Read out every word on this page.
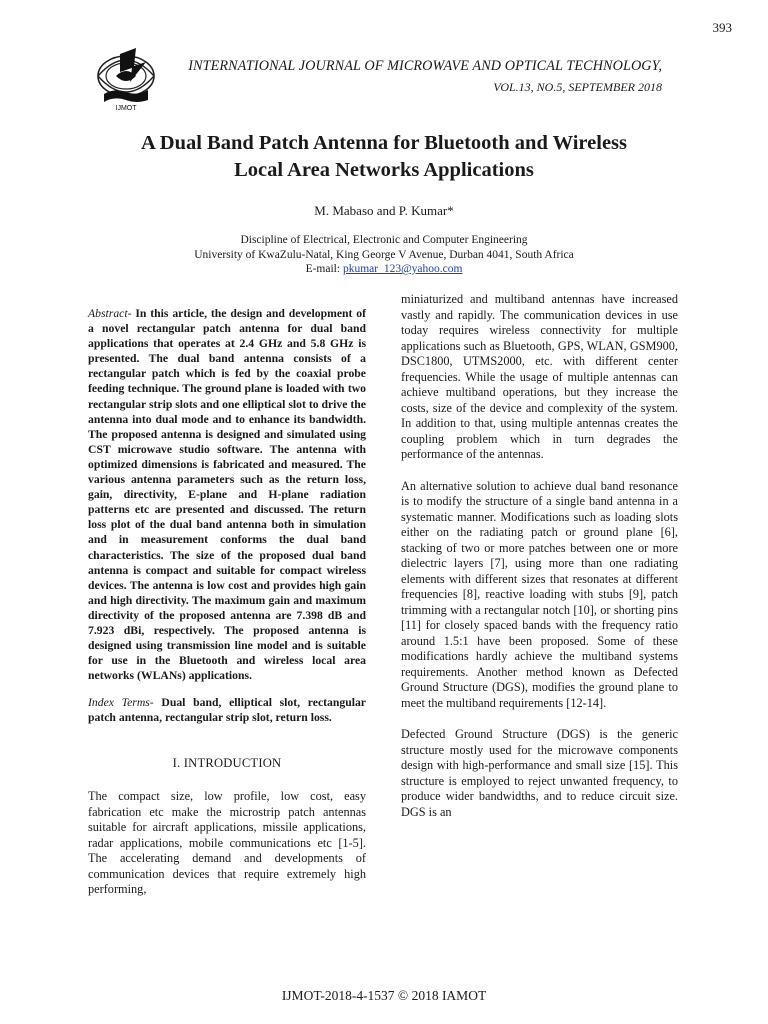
393
IJMOT
INTERNATIONAL JOURNAL OF MICROWAVE AND OPTICAL TECHNOLOGY,
VOL.13, NO.5, SEPTEMBER 2018
A Dual Band Patch Antenna for Bluetooth and Wireless
Local Area Networks Applications
M. Mabaso and P. Kumar*
Discipline of Electrical, Electronic and Computer Engineering
University of KwaZulu-Natal, King George V Avenue, Durban 4041, South Africa
E-mail: pkumar_123@yahoo.com

Abstract- In this article, the design and development of a novel rectangular patch antenna for dual band applications that operates at 2.4 GHz and 5.8 GHz is presented. The dual band antenna consists of a rectangular patch which is fed by the coaxial probe feeding technique. The ground plane is loaded with two rectangular strip slots and one elliptical slot to drive the antenna into dual mode and to enhance its bandwidth. The proposed antenna is designed and simulated using CST microwave studio software. The antenna with optimized dimensions is fabricated and measured. The various antenna parameters such as the return loss, gain, directivity, E-plane and H-plane radiation patterns etc are presented and discussed. The return loss plot of the dual band antenna both in simulation and in measurement conforms the dual band characteristics. The size of the proposed dual band antenna is compact and suitable for compact wireless devices. The antenna is low cost and provides high gain and high directivity. The maximum gain and maximum directivity of the proposed antenna are 7.398 dB and 7.923 dBi, respectively. The proposed antenna is designed using transmission line model and is suitable for use in the Bluetooth and wireless local area networks (WLANs) applications.

Index Terms- Dual band, elliptical slot, rectangular patch antenna, rectangular strip slot, return loss.

I. INTRODUCTION

The compact size, low profile, low cost, easy fabrication etc make the microstrip patch antennas suitable for aircraft applications, missile applications, radar applications, mobile communications etc [1-5]. The accelerating demand and developments of communication devices that require extremely high performing,

miniaturized and multiband antennas have increased vastly and rapidly. The communication devices in use today requires wireless connectivity for multiple applications such as Bluetooth, GPS, WLAN, GSM900, DSC1800, UTMS2000, etc. with different center frequencies. While the usage of multiple antennas can achieve multiband operations, but they increase the costs, size of the device and complexity of the system. In addition to that, using multiple antennas creates the coupling problem which in turn degrades the performance of the antennas.

An alternative solution to achieve dual band resonance is to modify the structure of a single band antenna in a systematic manner. Modifications such as loading slots either on the radiating patch or ground plane [6], stacking of two or more patches between one or more dielectric layers [7], using more than one radiating elements with different sizes that resonates at different frequencies [8], reactive loading with stubs [9], patch trimming with a rectangular notch [10], or shorting pins [11] for closely spaced bands with the frequency ratio around 1.5:1 have been proposed. Some of these modifications hardly achieve the multiband systems requirements. Another method known as Defected Ground Structure (DGS), modifies the ground plane to meet the multiband requirements [12-14].

Defected Ground Structure (DGS) is the generic structure mostly used for the microwave components design with high-performance and small size [15]. This structure is employed to reject unwanted frequency, to produce wider bandwidths, and to reduce circuit size. DGS is an

IJMOT-2018-4-1537 © 2018 IAMOT
